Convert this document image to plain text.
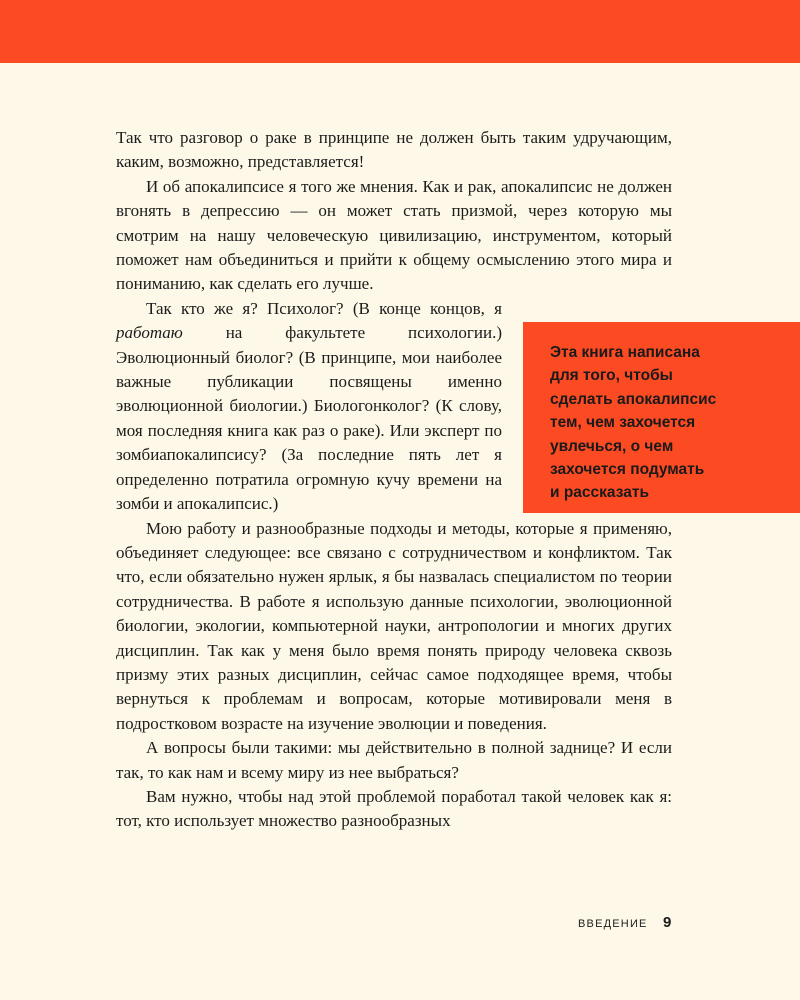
Так что разговор о раке в принципе не должен быть таким удручающим, каким, возможно, представляется!

И об апокалипсисе я того же мнения. Как и рак, апокалипсис не должен вгонять в депрессию — он может стать призмой, через которую мы смотрим на нашу человеческую цивилизацию, инструментом, который поможет нам объединиться и прийти к общему осмыслению этого мира и пониманию, как сделать его лучше.

Так кто же я? Психолог? (В конце концов, я работаю на факультете психологии.) Эволюционный биолог? (В принципе, мои наиболее важные публикации посвящены именно эволюционной биологии.) Биологонколог? (К слову, моя последняя книга как раз о раке). Или эксперт по зомбиапокалипсису? (За последние пять лет я определенно потратила огромную кучу времени на зомби и апокалипсис.)

Мою работу и разнообразные подходы и методы, которые я применяю, объединяет следующее: все связано с сотрудничеством и конфликтом. Так что, если обязательно нужен ярлык, я бы назвалась специалистом по теории сотрудничества. В работе я использую данные психологии, эволюционной биологии, экологии, компьютерной науки, антропологии и многих других дисциплин. Так как у меня было время понять природу человека сквозь призму этих разных дисциплин, сейчас самое подходящее время, чтобы вернуться к проблемам и вопросам, которые мотивировали меня в подростковом возрасте на изучение эволюции и поведения.

А вопросы были такими: мы действительно в полной заднице? И если так, то как нам и всему миру из нее выбраться?

Вам нужно, чтобы над этой проблемой поработал такой человек как я: тот, кто использует множество разнообразных

Эта книга написана
для того, чтобы
сделать апокалипсис
тем, чем захочется
увлечься, о чем
захочется подумать
и рассказать
ВВЕДЕНИЕ 9
